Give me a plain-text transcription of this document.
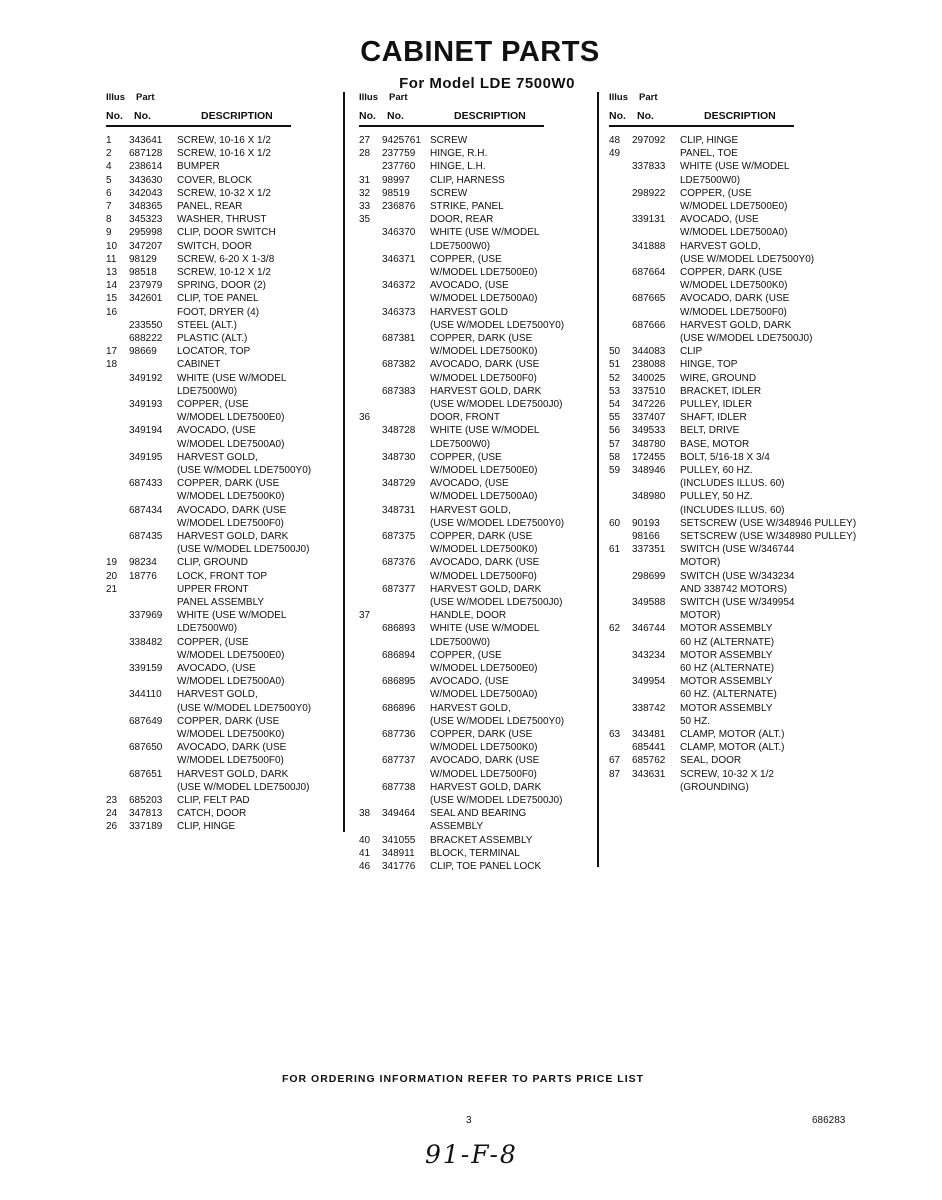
CABINET PARTS
For Model LDE 7500W0
Illus Part
No. No.	DESCRIPTION
1 343641 SCREW, 10-16 X 1/2
2 687128 SCREW, 10-16 X 1/2
4 238614 BUMPER
5 343630 COVER, BLOCK
6 342043 SCREW, 10-32 X 1/2
7 348365 PANEL, REAR
8 345323 WASHER, THRUST
9 295998 CLIP, DOOR SWITCH
10 347207 SWITCH, DOOR
11 98129 SCREW, 6-20 X 1-3/8
13 98518 SCREW, 10-12 X 1/2
14 237979 SPRING, DOOR (2)
15 342601 CLIP, TOE PANEL
16	FOOT, DRYER (4)
233550 STEEL (ALT.)
688222 PLASTIC (ALT.)
17 98669 LOCATOR, TOP
18	CABINET
349192 WHITE (USE W/MODEL
LDE7500W0)
349193 COPPER, (USE
W/MODEL LDE7500E0)
349194 AVOCADO, (USE
W/MODEL LDE7500A0)
349195 HARVEST GOLD,
(USE W/MODEL LDE7500Y0)
687433 COPPER, DARK (USE
W/MODEL LDE7500K0)
687434 AVOCADO, DARK (USE
W/MODEL LDE7500F0)
687435 HARVEST GOLD, DARK
(USE W/MODEL LDE7500J0)
19 98234 CLIP, GROUND
20 18776 LOCK, FRONT TOP
21	UPPER FRONT
PANEL ASSEMBLY
337969 WHITE (USE W/MODEL
LDE7500W0)
338482 COPPER, (USE
W/MODEL LDE7500E0)
339159 AVOCADO, (USE
W/MODEL LDE7500A0)
344110 HARVEST GOLD,
(USE W/MODEL LDE7500Y0)
687649 COPPER, DARK (USE
W/MODEL LDE7500K0)
687650 AVOCADO, DARK (USE
W/MODEL LDE7500F0)
687651 HARVEST GOLD, DARK
(USE W/MODEL LDE7500J0)
23 685203 CLIP, FELT PAD
24 347813 CATCH, DOOR
26 337189 CLIP, HINGE
Illus Part
No. No.	DESCRIPTION
27 9425761 SCREW
28 237759 HINGE, R.H.
237760 HINGE, L.H.
31 98997 CLIP, HARNESS
32 98519 SCREW
33 236876 STRIKE, PANEL
35	DOOR, REAR
346370 WHITE (USE W/MODEL
LDE7500W0)
346371 COPPER, (USE
W/MODEL LDE7500E0)
346372 AVOCADO, (USE
W/MODEL LDE7500A0)
346373 HARVEST GOLD
(USE W/MODEL LDE7500Y0)
687381 COPPER, DARK (USE
W/MODEL LDE7500K0)
687382 AVOCADO, DARK (USE
W/MODEL LDE7500F0)
687383 HARVEST GOLD, DARK
(USE W/MODEL LDE7500J0)
36	DOOR, FRONT
348728 WHITE (USE W/MODEL
LDE7500W0)
348730 COPPER, (USE
W/MODEL LDE7500E0)
348729 AVOCADO, (USE
W/MODEL LDE7500A0)
348731 HARVEST GOLD,
(USE W/MODEL LDE7500Y0)
687375 COPPER, DARK (USE
W/MODEL LDE7500K0)
687376 AVOCADO, DARK (USE
W/MODEL LDE7500F0)
687377 HARVEST GOLD, DARK
(USE W/MODEL LDE7500J0)
37	HANDLE, DOOR
686893 WHITE (USE W/MODEL
LDE7500W0)
686894 COPPER, (USE
W/MODEL LDE7500E0)
686895 AVOCADO, (USE
W/MODEL LDE7500A0)
686896 HARVEST GOLD,
(USE W/MODEL LDE7500Y0)
687736 COPPER, DARK (USE
W/MODEL LDE7500K0)
687737 AVOCADO, DARK (USE
W/MODEL LDE7500F0)
687738 HARVEST GOLD, DARK
(USE W/MODEL LDE7500J0)
38 349464 SEAL AND BEARING
ASSEMBLY
40 341055 BRACKET ASSEMBLY
41 348911 BLOCK, TERMINAL
46 341776 CLIP, TOE PANEL LOCK
Illus Part
No. No.	DESCRIPTION
48 297092 CLIP, HINGE
49	PANEL, TOE
337833 WHITE (USE W/MODEL
LDE7500W0)
298922 COPPER, (USE
W/MODEL LDE7500E0)
339131 AVOCADO, (USE
W/MODEL LDE7500A0)
341888 HARVEST GOLD,
(USE W/MODEL LDE7500Y0)
687664 COPPER, DARK (USE
W/MODEL LDE7500K0)
687665 AVOCADO, DARK (USE
W/MODEL LDE7500F0)
687666 HARVEST GOLD, DARK
(USE W/MODEL LDE7500J0)
50 344083 CLIP
51 238088 HINGE, TOP
52 340025 WIRE, GROUND
53 337510 BRACKET, IDLER
54 347226 PULLEY, IDLER
55 337407 SHAFT, IDLER
56 349533 BELT, DRIVE
57 348780 BASE, MOTOR
58 172455 BOLT, 5/16-18 X 3/4
59 348946 PULLEY, 60 HZ.
(INCLUDES ILLUS. 60)
348980 PULLEY, 50 HZ.
(INCLUDES ILLUS. 60)
60 90193 SETSCREW (USE W/348946 PULLEY)
98166 SETSCREW (USE W/348980 PULLEY)
61 337351 SWITCH (USE W/346744
MOTOR)
298699 SWITCH (USE W/343234
AND 338742 MOTORS)
349588 SWITCH (USE W/349954
MOTOR)
62 346744 MOTOR ASSEMBLY
60 HZ (ALTERNATE)
343234 MOTOR ASSEMBLY
60 HZ (ALTERNATE)
349954 MOTOR ASSEMBLY
60 HZ. (ALTERNATE)
338742 MOTOR ASSEMBLY
50 HZ.
63 343481 CLAMP, MOTOR (ALT.)
685441 CLAMP, MOTOR (ALT.)
67 685762 SEAL, DOOR
87 343631 SCREW, 10-32 X 1/2
(GROUNDING)
FOR ORDERING INFORMATION REFER TO PARTS PRICE LIST
3	686283
91-F-8
